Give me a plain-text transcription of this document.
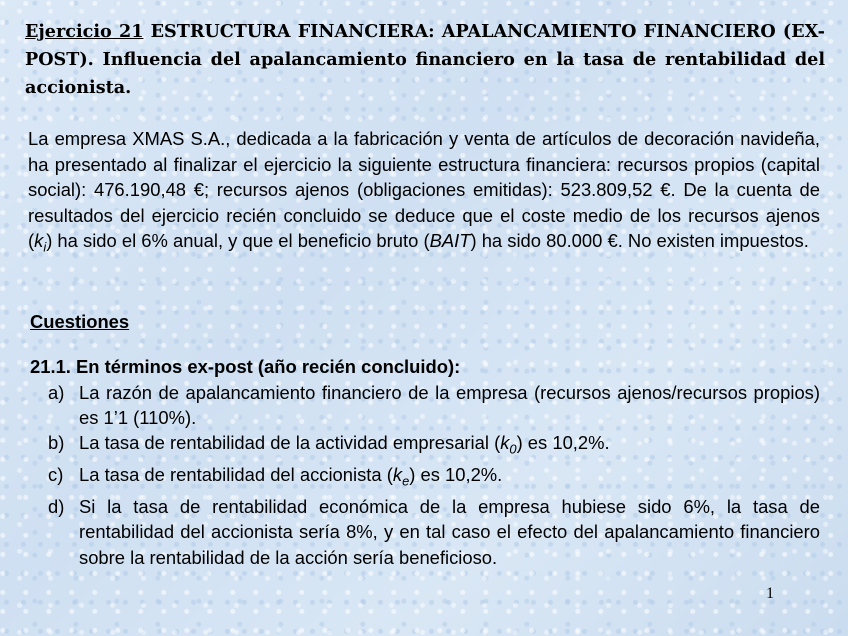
Ejercicio 21 ESTRUCTURA FINANCIERA: APALANCAMIENTO FINANCIERO (EX-POST). Influencia del apalancamiento financiero en la tasa de rentabilidad del accionista.

La empresa XMAS S.A., dedicada a la fabricación y venta de artículos de decoración navideña, ha presentado al finalizar el ejercicio la siguiente estructura financiera: recursos propios (capital social): 476.190,48 €; recursos ajenos (obligaciones emitidas): 523.809,52 €. De la cuenta de resultados del ejercicio recién concluido se deduce que el coste medio de los recursos ajenos $(k_i)$ ha sido el 6% anual, y que el beneficio bruto (BAIT) ha sido 80.000 €. No existen impuestos.

Cuestiones

21.1. En términos ex-post (año recién concluido):

a) La razón de apalancamiento financiero de la empresa (recursos ajenos/recursos propios) es 1’1 (110%).
b) La tasa de rentabilidad de la actividad empresarial $(k_0)$ es 10,2%.
c) La tasa de rentabilidad del accionista $(k_e)$ es 10,2%.
d) Si la tasa de rentabilidad económica de la empresa hubiese sido 6%, la tasa de rentabilidad del accionista sería 8%, y en tal caso el efecto del apalancamiento financiero sobre la rentabilidad de la acción sería beneficioso.
1
